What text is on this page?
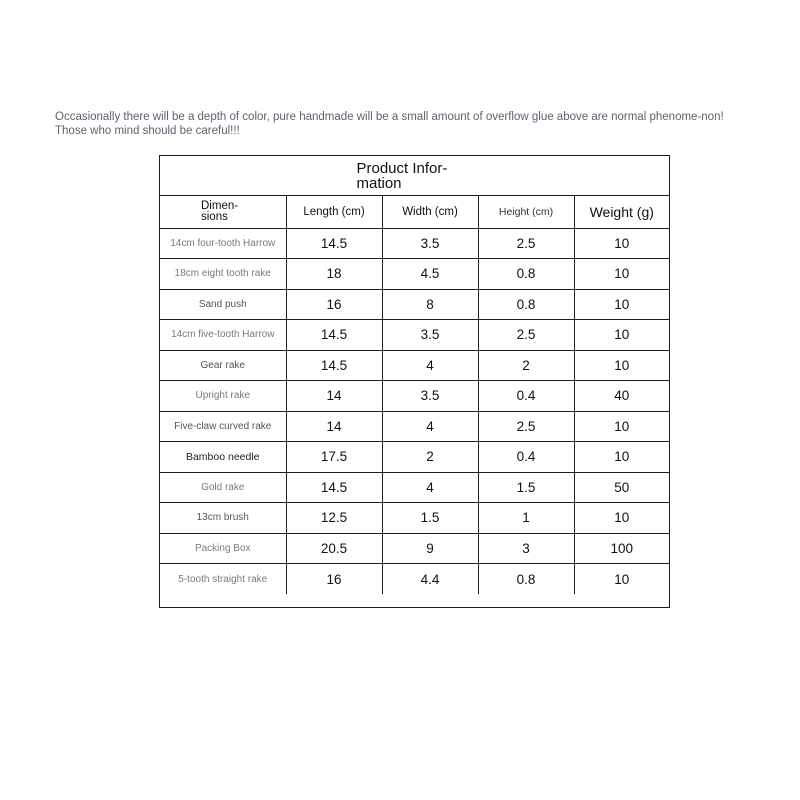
Occasionally there will be a depth of color, pure handmade will be a small amount of overflow glue above are normal phenome-non! Those who mind should be careful!!!
Product Infor-mation
Dimen-sions	Length (cm)	Width (cm)	Height (cm)	Weight (g)
14cm four-tooth Harrow	14.5	3.5	2.5	10
18cm eight tooth rake	18	4.5	0.8	10
Sand push	16	8	0.8	10
14cm five-tooth Harrow	14.5	3.5	2.5	10
Gear rake	14.5	4	2	10
Upright rake	14	3.5	0.4	40
Five-claw curved rake	14	4	2.5	10
Bamboo needle	17.5	2	0.4	10
Gold rake	14.5	4	1.5	50
13cm brush	12.5	1.5	1	10
Packing Box	20.5	9	3	100
5-tooth straight rake	16	4.4	0.8	10
